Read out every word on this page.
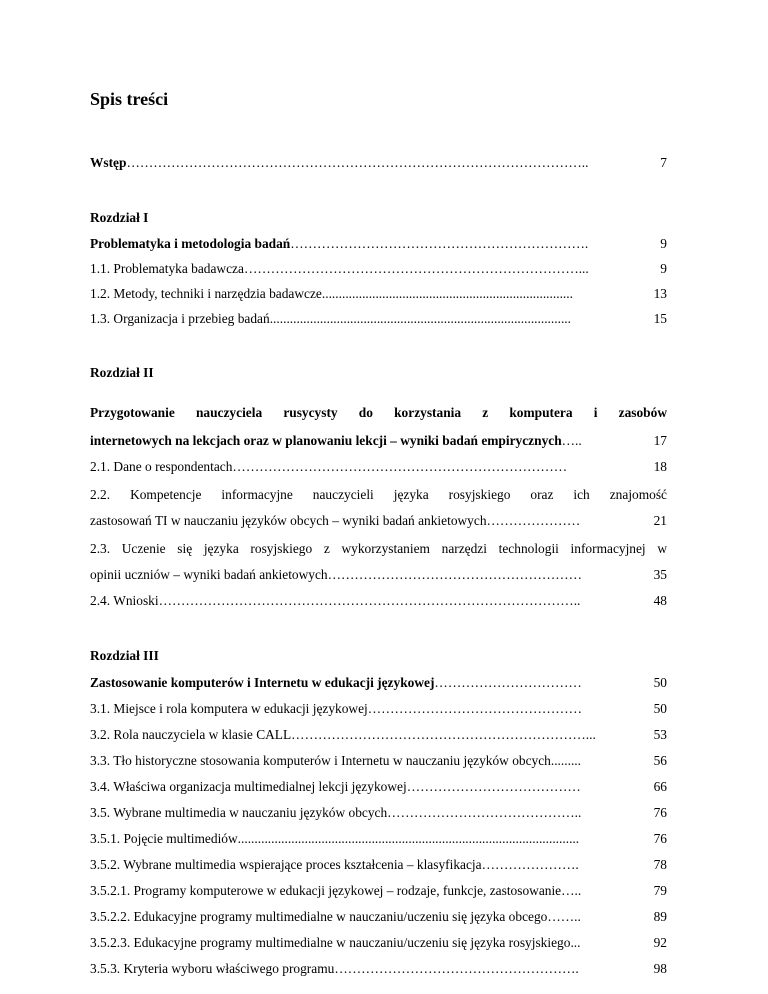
Spis treści
Wstęp …………………………………………………………………………………………..	7
Rozdział I
Problematyka i metodologia badań ………………………………………………………….	9
1.1. Problematyka badawcza …………………………………………………………………...	9
1.2. Metody, techniki i narzędzia badawcze ...........................................................................	13
1.3. Organizacja i przebieg badań ..........................................................................................	15
Rozdział II
Przygotowanie nauczyciela rusycysty do korzystania z komputera i zasobów
internetowych na lekcjach oraz w planowaniu lekcji – wyniki badań empirycznych …..	17
2.1. Dane o respondentach …………………………………………………………………	18
2.2. Kompetencje informacyjne nauczycieli języka rosyjskiego oraz ich znajomość
zastosowań TI w nauczaniu języków obcych – wyniki badań ankietowych …………………	21
2.3. Uczenie się języka rosyjskiego z wykorzystaniem narzędzi technologii informacyjnej w
opinii uczniów – wyniki badań ankietowych …………………………………………………	35
2.4. Wnioski …………………………………………………………………………………..	48
Rozdział III
Zastosowanie komputerów i Internetu w edukacji językowej ……………………………	50
3.1. Miejsce i rola komputera w edukacji językowej …………………………………………	50
3.2. Rola nauczyciela w klasie CALL …………………………………………………………...	53
3.3. Tło historyczne stosowania komputerów i Internetu w nauczaniu języków obcych .........	56
3.4. Właściwa organizacja multimedialnej lekcji językowej …………………………………	66
3.5. Wybrane multimedia w nauczaniu języków obcych ……………………………………..	76
3.5.1. Pojęcie multimediów ......................................................................................................	76
3.5.2. Wybrane multimedia wspierające proces kształcenia – klasyfikacja ………………….	78
3.5.2.1. Programy komputerowe w edukacji językowej – rodzaje, funkcje, zastosowanie …..	79
3.5.2.2. Edukacyjne programy multimedialne w nauczaniu/uczeniu się języka obcego ……..	89
3.5.2.3. Edukacyjne programy multimedialne w nauczaniu/uczeniu się języka rosyjskiego ...	92
3.5.3. Kryteria wyboru właściwego programu ……………………………………………….	98
